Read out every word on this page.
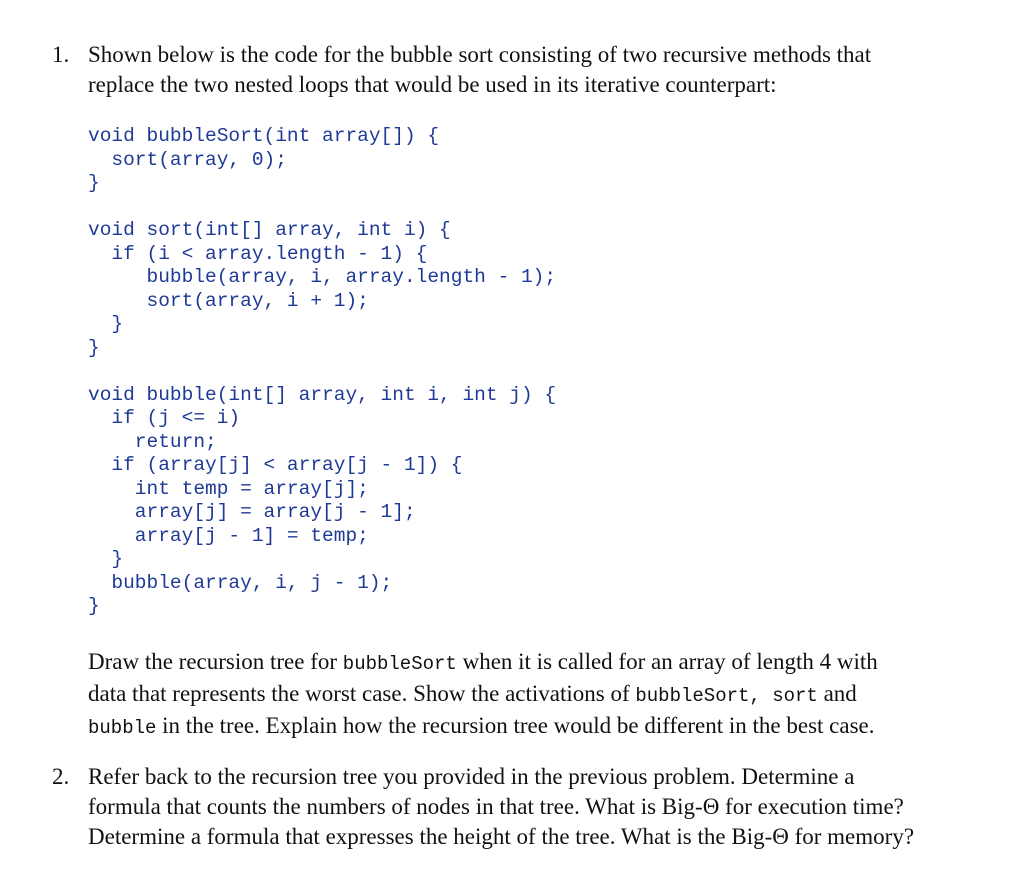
1. Shown below is the code for the bubble sort consisting of two recursive methods that
replace the two nested loops that would be used in its iterative counterpart:

void bubbleSort(int array[]) {
sort(array, 0);
}

void sort(int[] array, int i) {
if (i < array.length - 1) {
bubble(array, i, array.length - 1);
sort(array, i + 1);
}
}

void bubble(int[] array, int i, int j) {
if (j <= i)
return;
if (array[j] < array[j - 1]) {
int temp = array[j];
array[j] = array[j - 1];
array[j - 1] = temp;
}
bubble(array, i, j - 1);
}

Draw the recursion tree for bubbleSort when it is called for an array of length 4 with
data that represents the worst case. Show the activations of bubbleSort, sort and
bubble in the tree. Explain how the recursion tree would be different in the best case.

2. Refer back to the recursion tree you provided in the previous problem. Determine a
formula that counts the numbers of nodes in that tree. What is Big-Θ for execution time?
Determine a formula that expresses the height of the tree. What is the Big-Θ for memory?
